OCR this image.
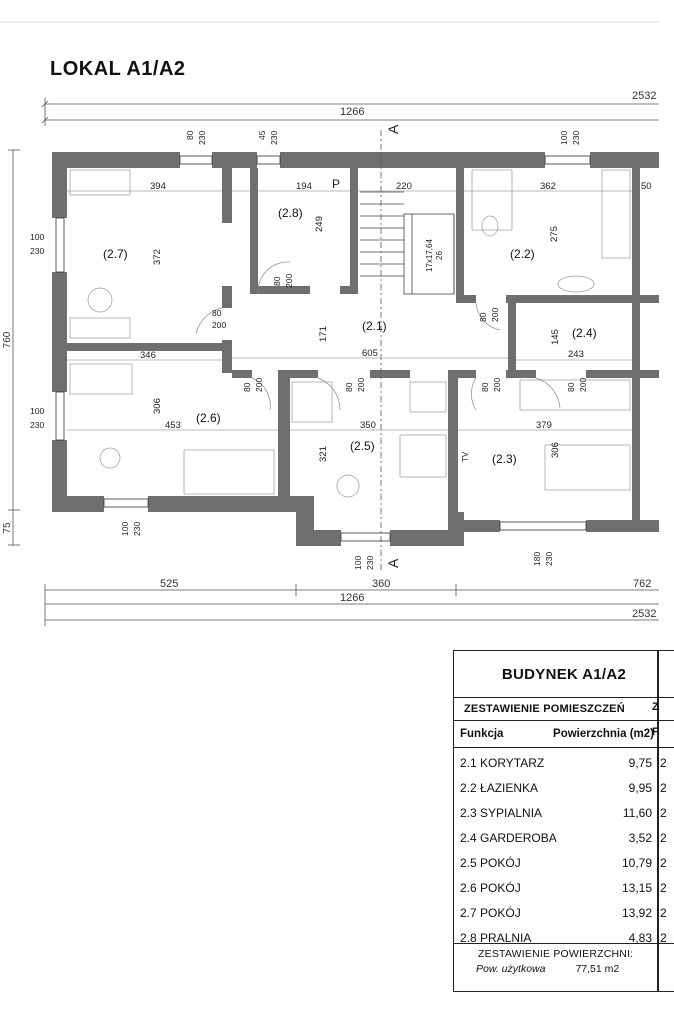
LOKAL A1/A2
2532
1266
760
75
A
A
(2.7)
(2.8)
(2.2)
(2.1)	(2.4)
(2.6)
(2.5)
(2.3)
394	194 P	220	362	50
605	243
346
453	350	379
TV
372
249
275
171	145
306
321	306
17x17,64 26
80 230	45 230	100 230
100
230
100
230
100 230
100 230	180 230
80 200
80
200
80 200
80 200	80 200	80 200	80 200
525	360	762
1266
2532
BUDYNEK A1/A2
ZESTAWIENIE POMIESZCZEŃ
Funkcja	Powierzchnia (m2)
2.1 KORYTARZ	9,75 2
2.2 ŁAZIENKA	9,95 2
2.3 SYPIALNIA	11,60 2
2.4 GARDEROBA	3,52 2
2.5 POKÓJ	10,79 2
2.6 POKÓJ	13,15 2
2.7 POKÓJ	13,92 2
2.8 PRALNIA	4,83 2
ZESTAWIENIE POWIERZCHNI:
Pow. użytkowa	77,51 m2
Z
F
